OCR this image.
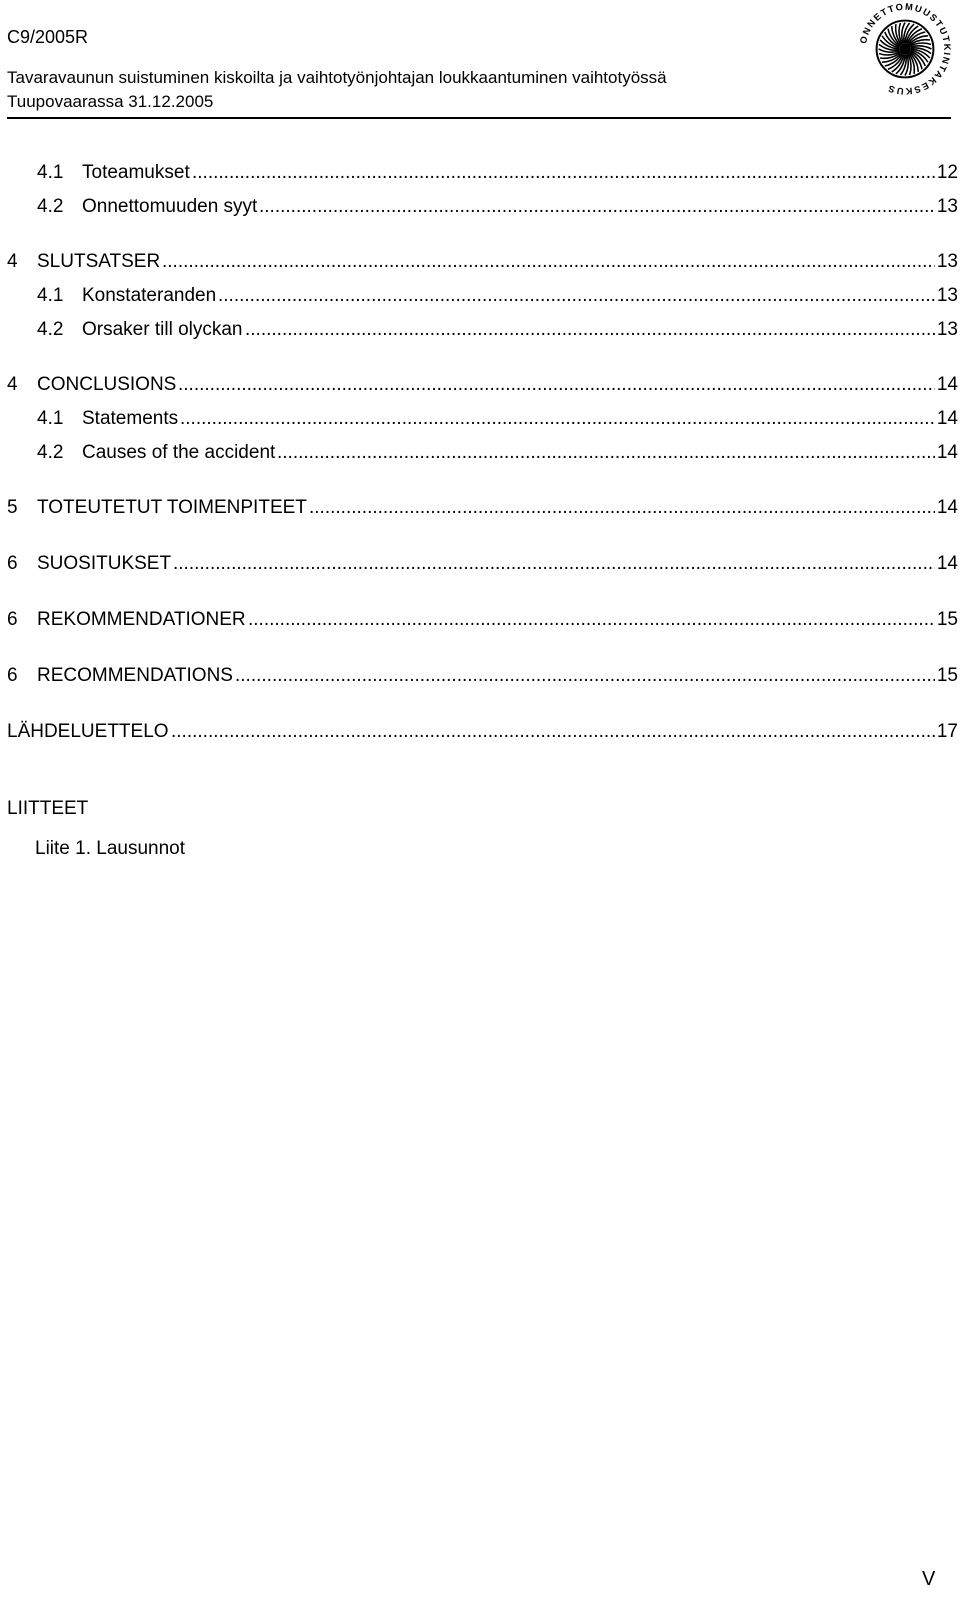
C9/2005R
Tavaravaunun suistuminen kiskoilta ja vaihtotyönjohtajan loukkaantuminen vaihtotyössä
Tuupovaarassa 31.12.2005
ONNETTOMUUSTUTKINTAKESKUS
.....
4.1 Toteamukset	12
.....
4.2 Onnettomuuden syyt	13
.....
4 SLUTSATSER	13
.....
4.1 Konstateranden	13
.....
4.2 Orsaker till olyckan	13
.....
4 CONCLUSIONS	14
.....
4.1 Statements	14
.....
4.2 Causes of the accident	14
.....
5 TOTEUTETUT TOIMENPITEET	14
.....
6 SUOSITUKSET	14
.....
6 REKOMMENDATIONER	15
.....
6 RECOMMENDATIONS	15
.....
LÄHDELUETTELO	17
LIITTEET
Liite 1. Lausunnot
V
